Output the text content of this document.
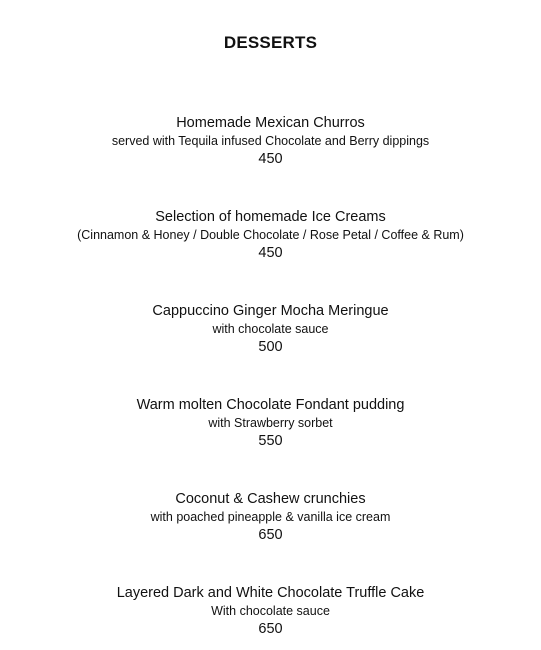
DESSERTS
Homemade Mexican Churros
served with Tequila infused Chocolate and Berry dippings
450
Selection of homemade Ice Creams
(Cinnamon & Honey / Double Chocolate / Rose Petal / Coffee & Rum)
450
Cappuccino Ginger Mocha Meringue
with chocolate sauce
500
Warm molten Chocolate Fondant pudding
with Strawberry sorbet
550
Coconut & Cashew crunchies
with poached pineapple & vanilla ice cream
650
Layered Dark and White Chocolate Truffle Cake
With chocolate sauce
650
